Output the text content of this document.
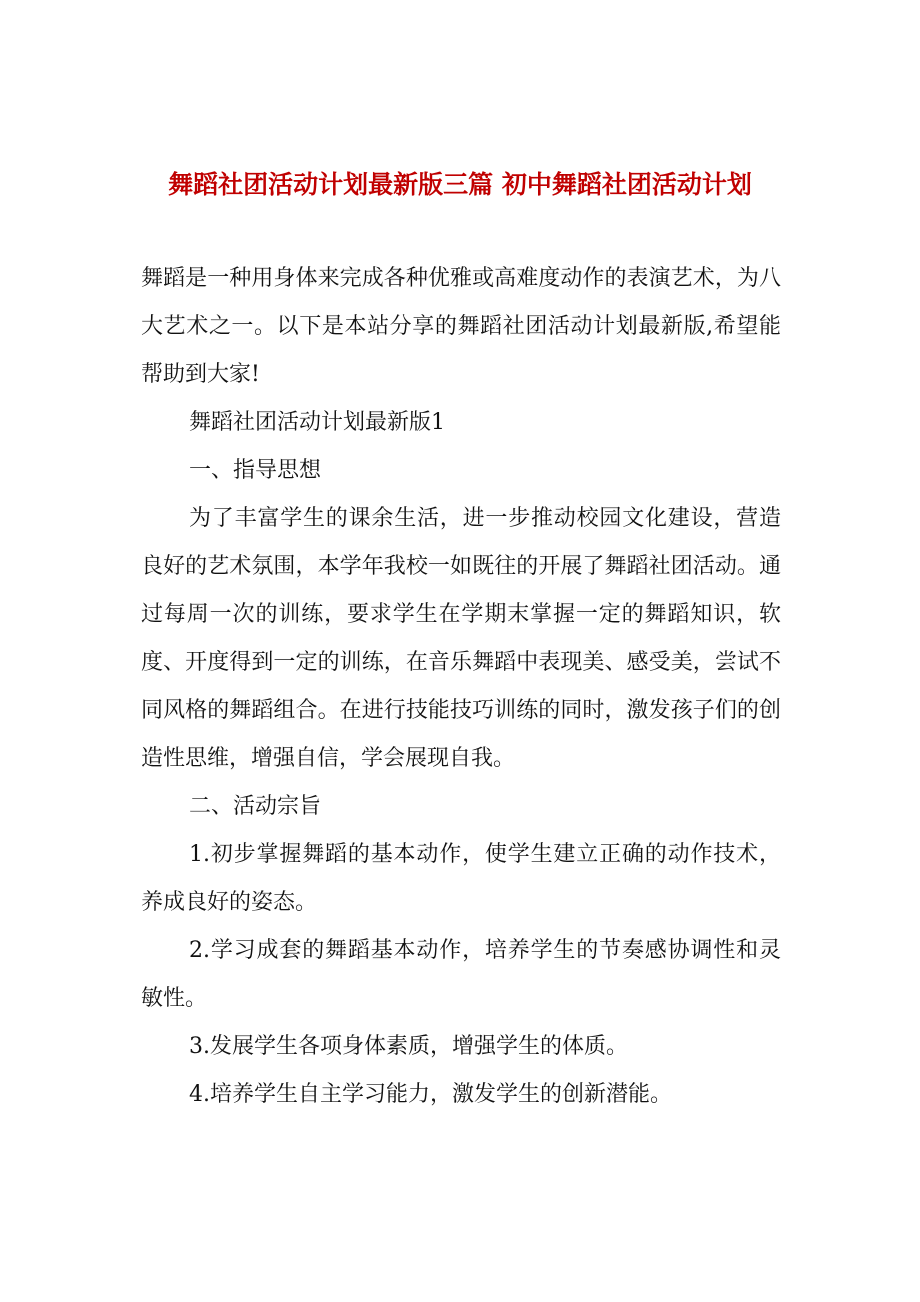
舞蹈社团活动计划最新版三篇 初中舞蹈社团活动计划

舞蹈是一种用身体来完成各种优雅或高难度动作的表演艺术，为八大艺术之一。以下是本站分享的舞蹈社团活动计划最新版,希望能帮助到大家!

舞蹈社团活动计划最新版1

一、指导思想

为了丰富学生的课余生活，进一步推动校园文化建设，营造良好的艺术氛围，本学年我校一如既往的开展了舞蹈社团活动。通过每周一次的训练，要求学生在学期末掌握一定的舞蹈知识，软度、开度得到一定的训练，在音乐舞蹈中表现美、感受美，尝试不同风格的舞蹈组合。在进行技能技巧训练的同时，激发孩子们的创造性思维，增强自信，学会展现自我。

二、活动宗旨

1.初步掌握舞蹈的基本动作，使学生建立正确的动作技术，养成良好的姿态。

2.学习成套的舞蹈基本动作，培养学生的节奏感协调性和灵敏性。

3.发展学生各项身体素质，增强学生的体质。

4.培养学生自主学习能力，激发学生的创新潜能。
